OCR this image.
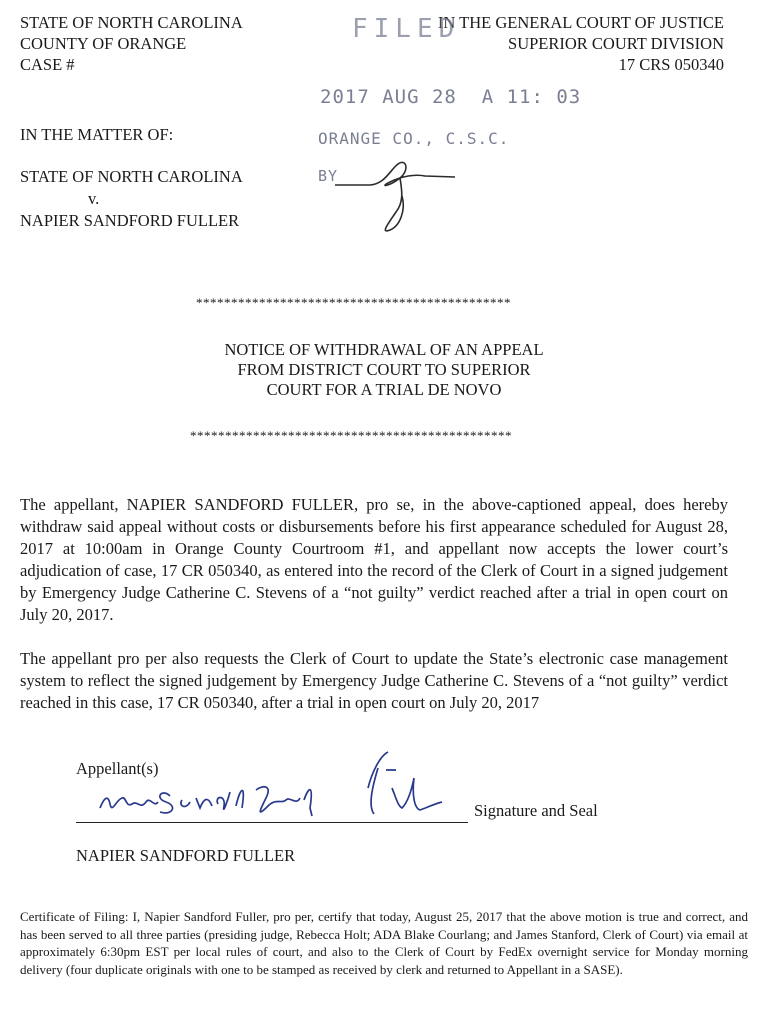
STATE OF NORTH CAROLINA
COUNTY OF ORANGE
CASE #
IN THE GENERAL COURT OF JUSTICE
SUPERIOR COURT DIVISION
17 CRS 050340
FILED
2017 AUG 28  A 11: 03
ORANGE CO., C.S.C.
BY
IN THE MATTER OF:
STATE OF NORTH CAROLINA
v.
NAPIER SANDFORD FULLER
*********************************************
NOTICE OF WITHDRAWAL OF AN APPEAL
FROM DISTRICT COURT TO SUPERIOR
COURT FOR A TRIAL DE NOVO
**********************************************

The appellant, NAPIER SANDFORD FULLER, pro se, in the above-captioned appeal, does hereby withdraw said appeal without costs or disbursements before his first appearance scheduled for August 28, 2017 at 10:00am in Orange County Courtroom #1, and appellant now accepts the lower court’s adjudication of case, 17 CR 050340, as entered into the record of the Clerk of Court in a signed judgement by Emergency Judge Catherine C. Stevens of a “not guilty” verdict reached after a trial in open court on July 20, 2017.

The appellant pro per also requests the Clerk of Court to update the State’s electronic case management system to reflect the signed judgement by Emergency Judge Catherine C. Stevens of a “not guilty” verdict reached in this case, 17 CR 050340, after a trial in open court on July 20, 2017

Appellant(s)
Signature and Seal
NAPIER SANDFORD FULLER

Certificate of Filing: I, Napier Sandford Fuller, pro per, certify that today, August 25, 2017 that the above motion is true and correct, and has been served to all three parties (presiding judge, Rebecca Holt; ADA Blake Courlang; and James Stanford, Clerk of Court) via email at approximately 6:30pm EST per local rules of court, and also to the Clerk of Court by FedEx overnight service for Monday morning delivery (four duplicate originals with one to be stamped as received by clerk and returned to Appellant in a SASE).
